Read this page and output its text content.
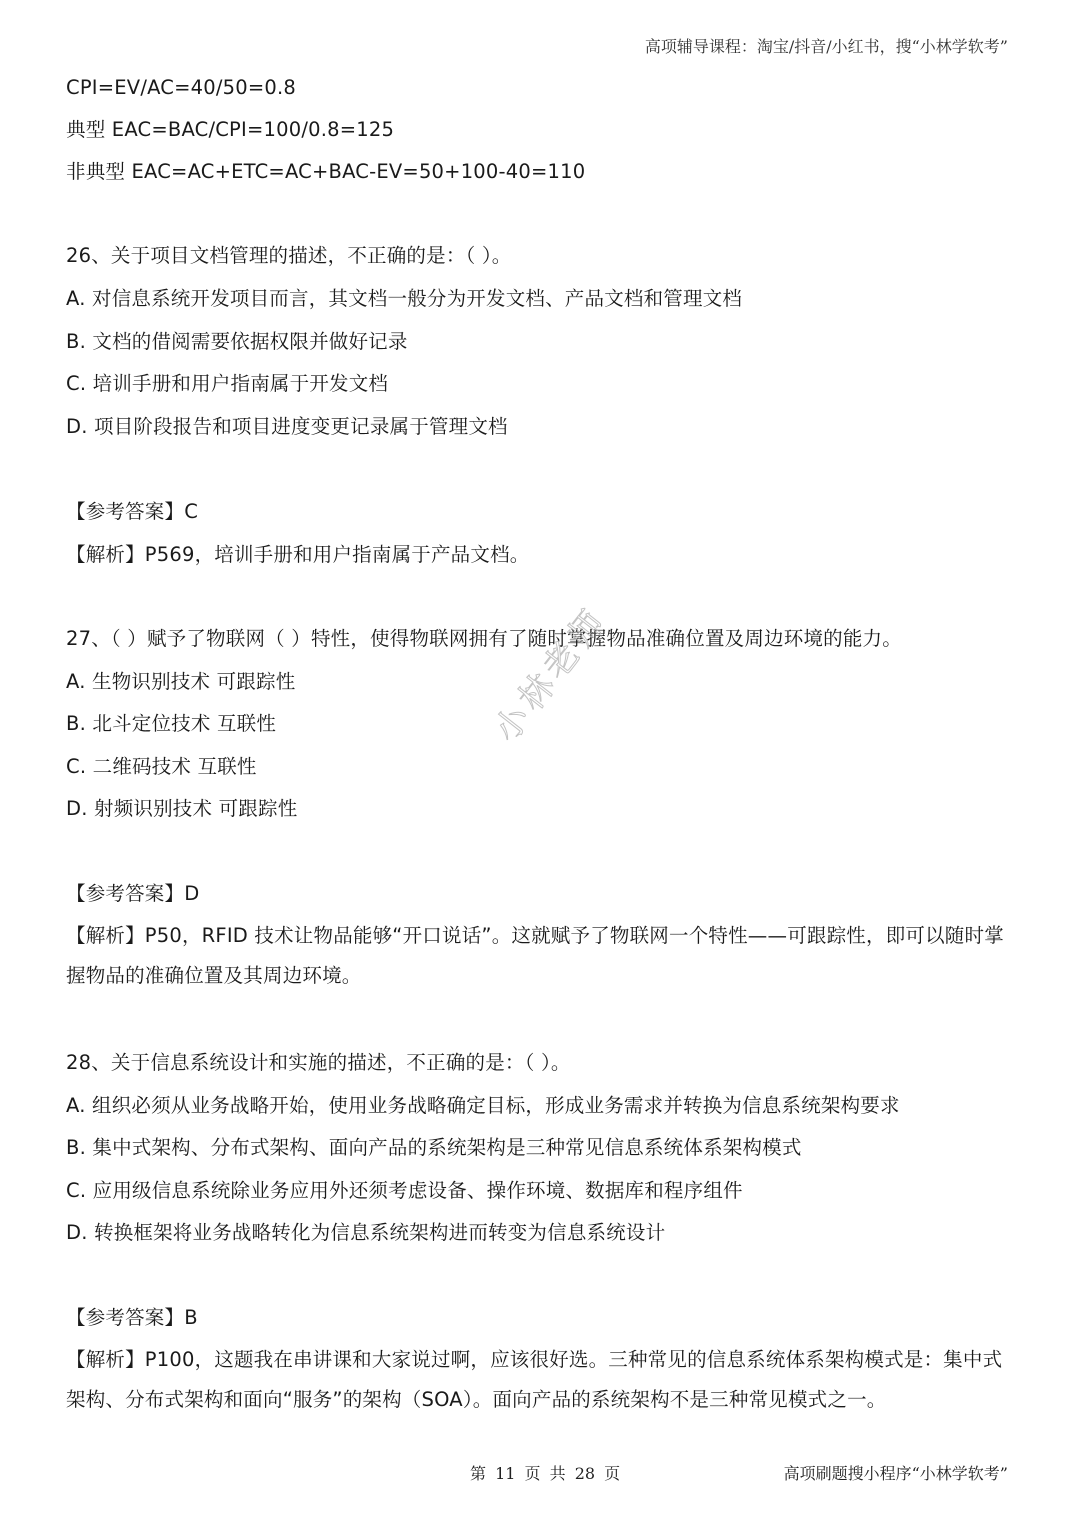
高项辅导课程：淘宝/抖音/小红书，搜“小林学软考”
CPI=EV/AC=40/50=0.8
典型 EAC=BAC/CPI=100/0.8=125
非典型 EAC=AC+ETC=AC+BAC-EV=50+100-40=110
26、关于项目文档管理的描述，不正确的是：（ ）。
A. 对信息系统开发项目而言，其文档一般分为开发文档、产品文档和管理文档
B. 文档的借阅需要依据权限并做好记录
C. 培训手册和用户指南属于开发文档
D. 项目阶段报告和项目进度变更记录属于管理文档
【参考答案】C
【解析】P569，培训手册和用户指南属于产品文档。
27、（ ）赋予了物联网（ ）特性，使得物联网拥有了随时掌握物品准确位置及周边环境的能力。
A. 生物识别技术 可跟踪性
B. 北斗定位技术 互联性
C. 二维码技术 互联性
D. 射频识别技术 可跟踪性
【参考答案】D
【解析】P50，RFID 技术让物品能够“开口说话”。这就赋予了物联网一个特性——可跟踪性，即可以随时掌握物品的准确位置及其周边环境。
28、关于信息系统设计和实施的描述，不正确的是：（ ）。
A. 组织必须从业务战略开始，使用业务战略确定目标，形成业务需求并转换为信息系统架构要求
B. 集中式架构、分布式架构、面向产品的系统架构是三种常见信息系统体系架构模式
C. 应用级信息系统除业务应用外还须考虑设备、操作环境、数据库和程序组件
D. 转换框架将业务战略转化为信息系统架构进而转变为信息系统设计
【参考答案】B
【解析】P100，这题我在串讲课和大家说过啊，应该很好选。三种常见的信息系统体系架构模式是：集中式架构、分布式架构和面向“服务”的架构（SOA）。面向产品的系统架构不是三种常见模式之一。
小林老师
第 11 页 共 28 页	高项刷题搜小程序“小林学软考”
